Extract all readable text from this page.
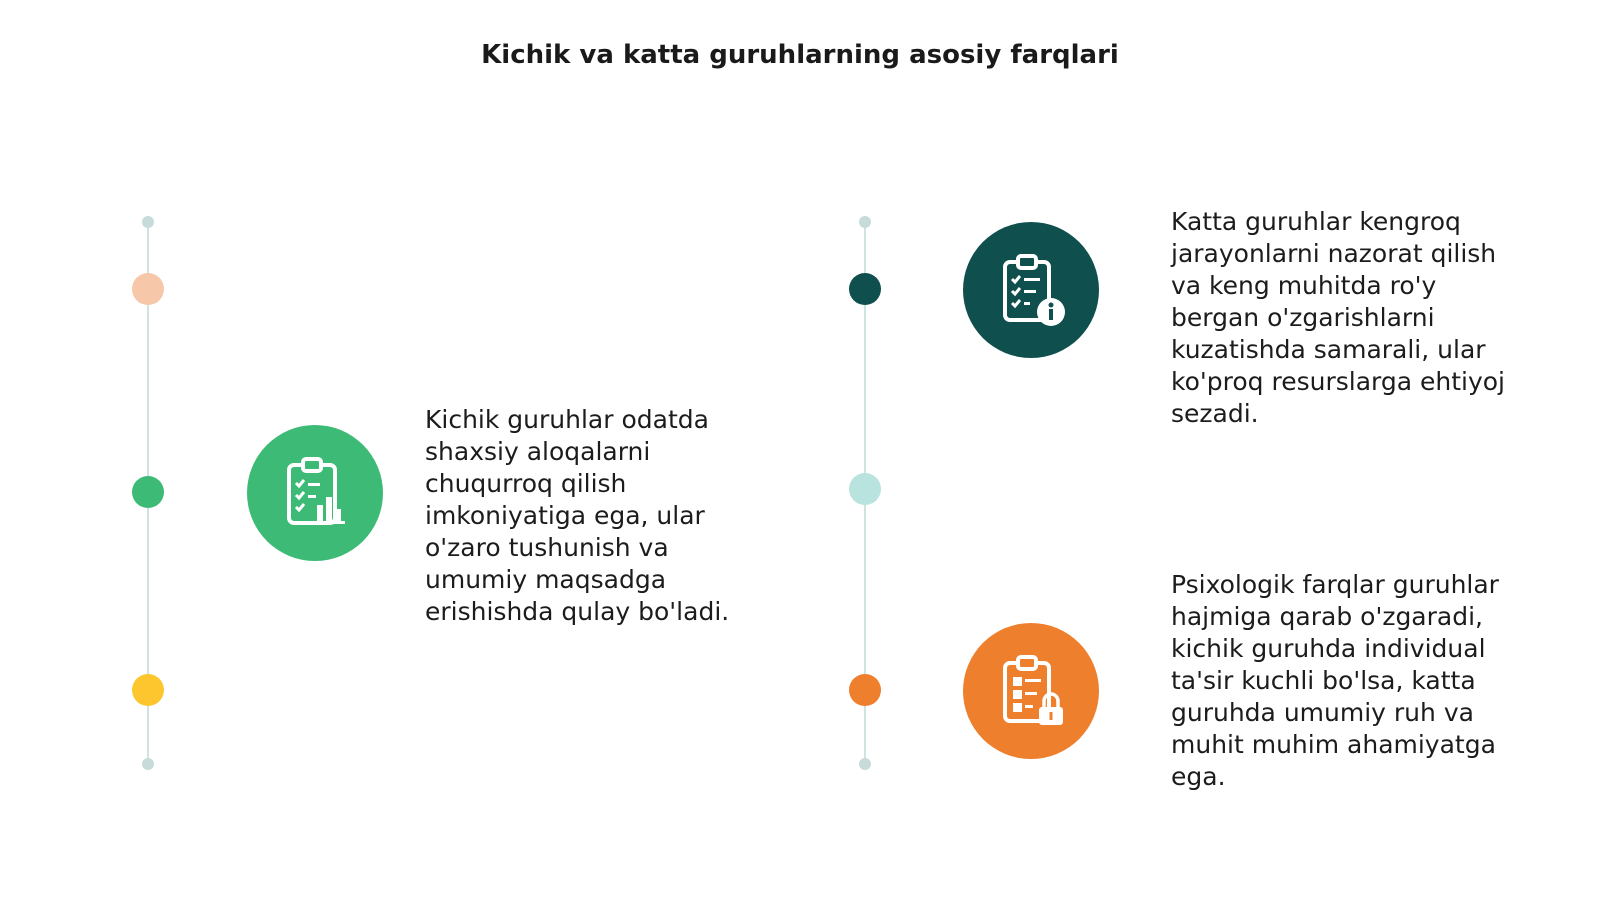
Kichik va katta guruhlarning asosiy farqlari
Kichik guruhlar odatda
shaxsiy aloqalarni
chuqurroq qilish
imkoniyatiga ega, ular
o'zaro tushunish va
umumiy maqsadga
erishishda qulay bo'ladi.
Katta guruhlar kengroq
jarayonlarni nazorat qilish
va keng muhitda ro'y
bergan o'zgarishlarni
kuzatishda samarali, ular
ko'proq resurslarga ehtiyoj
sezadi.
Psixologik farqlar guruhlar
hajmiga qarab o'zgaradi,
kichik guruhda individual
ta'sir kuchli bo'lsa, katta
guruhda umumiy ruh va
muhit muhim ahamiyatga
ega.
